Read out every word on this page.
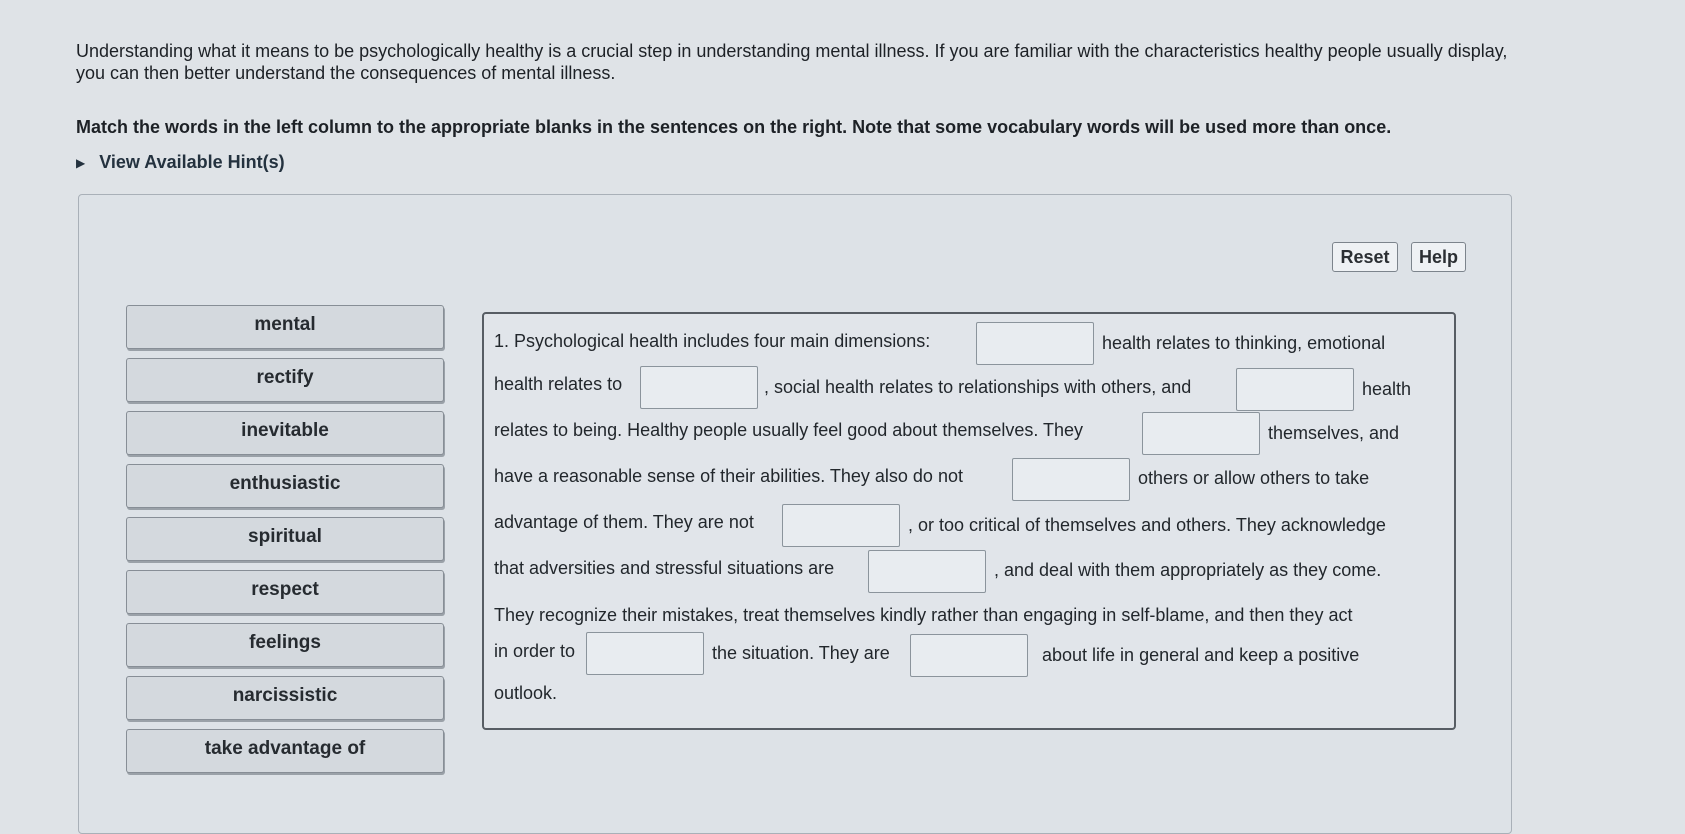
Understanding what it means to be psychologically healthy is a crucial step in understanding mental illness. If you are familiar with the characteristics healthy people usually display,

you can then better understand the consequences of mental illness.

Match the words in the left column to the appropriate blanks in the sentences on the right. Note that some vocabulary words will be used more than once.
▶ View Available Hint(s)
Reset	Help
mental
rectify
inevitable
enthusiastic
spiritual
respect
feelings
narcissistic
take advantage of
1. Psychological health includes four main dimensions:	health relates to thinking, emotional
health relates to	, social health relates to relationships with others, and	health
relates to being. Healthy people usually feel good about themselves. They	themselves, and
have a reasonable sense of their abilities. They also do not	others or allow others to take
advantage of them. They are not	, or too critical of themselves and others. They acknowledge
that adversities and stressful situations are	, and deal with them appropriately as they come.
They recognize their mistakes, treat themselves kindly rather than engaging in self-blame, and then they act
in order to	the situation. They are	about life in general and keep a positive
outlook.
